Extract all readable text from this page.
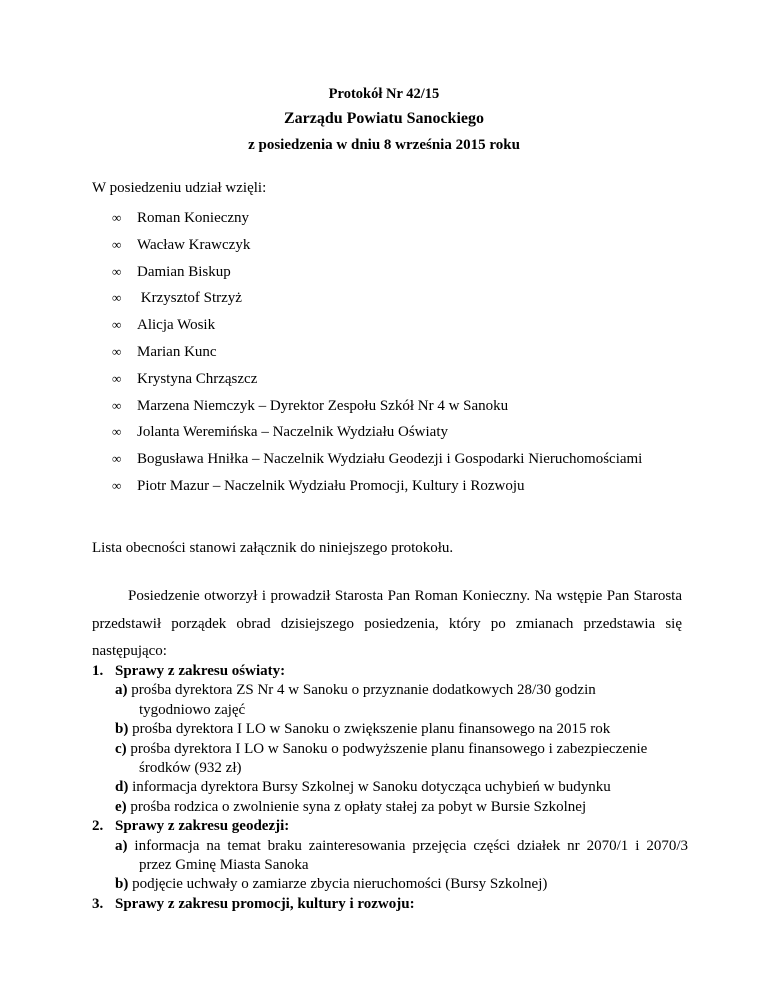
Protokół Nr 42/15
Zarządu Powiatu Sanockiego
z posiedzenia w dniu 8 września 2015 roku
W posiedzeniu udział wzięli:
∞ Roman Konieczny
∞ Wacław Krawczyk
∞ Damian Biskup
∞ Krzysztof Strzyż
∞ Alicja Wosik
∞ Marian Kunc
∞ Krystyna Chrząszcz
∞ Marzena Niemczyk – Dyrektor Zespołu Szkół Nr 4 w Sanoku
∞ Jolanta Weremińska – Naczelnik Wydziału Oświaty
∞ Bogusława Hniłka – Naczelnik Wydziału Geodezji i Gospodarki Nieruchomościami
∞ Piotr Mazur – Naczelnik Wydziału Promocji, Kultury i Rozwoju
Lista obecności stanowi załącznik do niniejszego protokołu.
Posiedzenie otworzył i prowadził Starosta Pan Roman Konieczny. Na wstępie Pan Starosta przedstawił porządek obrad dzisiejszego posiedzenia, który po zmianach przedstawia się następująco:
1. Sprawy z zakresu oświaty:
a) prośba dyrektora ZS Nr 4 w Sanoku o przyznanie dodatkowych 28/30 godzin
tygodniowo zajęć
b) prośba dyrektora I LO w Sanoku o zwiększenie planu finansowego na 2015 rok
c) prośba dyrektora I LO w Sanoku o podwyższenie planu finansowego i zabezpieczenie
środków (932 zł)
d) informacja dyrektora Bursy Szkolnej w Sanoku dotycząca uchybień w budynku
e) prośba rodzica o zwolnienie syna z opłaty stałej za pobyt w Bursie Szkolnej
2. Sprawy z zakresu geodezji:
a) informacja na temat braku zainteresowania przejęcia części działek nr 2070/1 i 2070/3
przez Gminę Miasta Sanoka
b) podjęcie uchwały o zamiarze zbycia nieruchomości (Bursy Szkolnej)
3. Sprawy z zakresu promocji, kultury i rozwoju:
